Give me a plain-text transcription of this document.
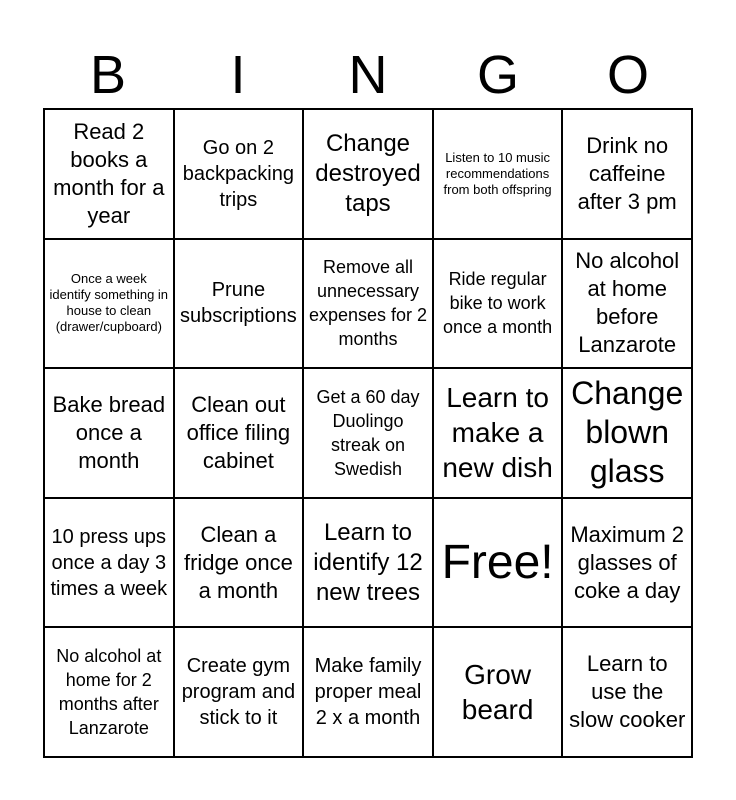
B	I	N	G	O
Read 2 books a month for a year
Go on 2 backpacking trips
Change destroyed taps
Listen to 10 music recommendations from both offspring
Drink no caffeine after 3 pm
Once a week identify something in house to clean (drawer/cupboard)
Prune subscriptions
Remove all unnecessary expenses for 2 months
Ride regular bike to work once a month
No alcohol at home before Lanzarote
Bake bread once a month
Clean out office filing cabinet
Get a 60 day Duolingo streak on Swedish
Learn to make a new dish
Change blown glass
10 press ups once a day 3 times a week
Clean a fridge once a month
Learn to identify 12 new trees
Free!
Maximum 2 glasses of coke a day
No alcohol at home for 2 months after Lanzarote
Create gym program and stick to it
Make family proper meal 2 x a month
Grow beard
Learn to use the slow cooker
